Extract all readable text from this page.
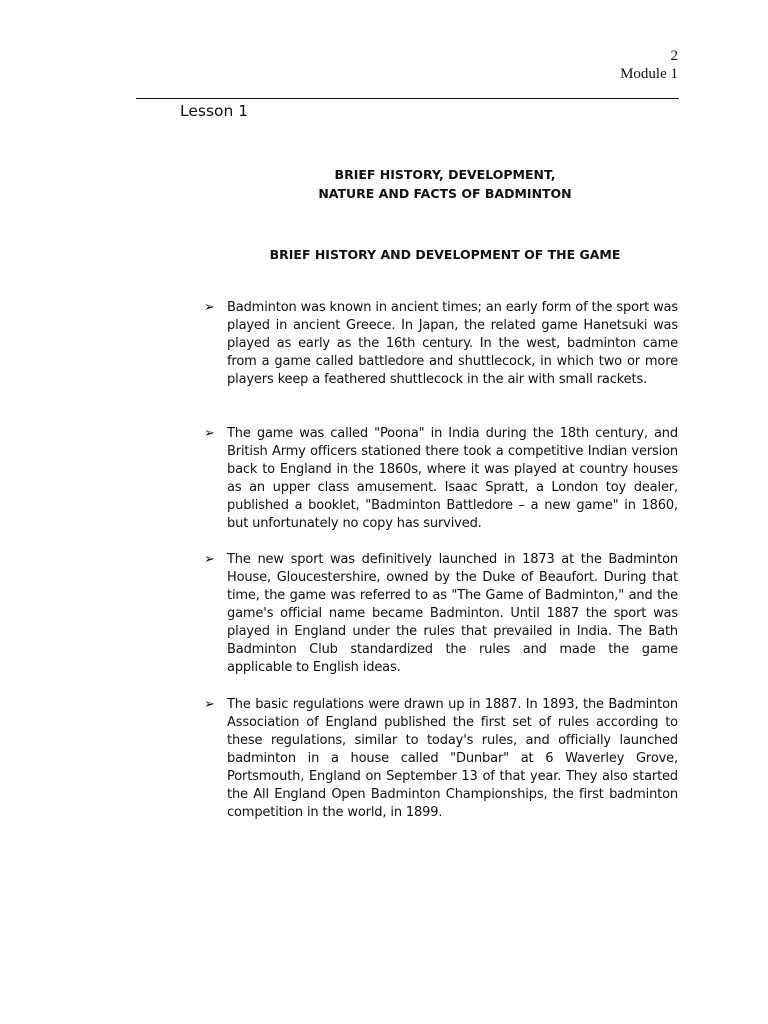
2
Module 1
Lesson 1
BRIEF HISTORY, DEVELOPMENT,
NATURE AND FACTS OF BADMINTON
BRIEF HISTORY AND DEVELOPMENT OF THE GAME
➢ Badminton was known in ancient times; an early form of the sport was played in ancient Greece. In Japan, the related game Hanetsuki was played as early as the 16th century. In the west, badminton came from a game called battledore and shuttlecock, in which two or more players keep a feathered shuttlecock in the air with small rackets.
➢ The game was called "Poona" in India during the 18th century, and British Army officers stationed there took a competitive Indian version back to England in the 1860s, where it was played at country houses as an upper class amusement. Isaac Spratt, a London toy dealer, published a booklet, "Badminton Battledore – a new game" in 1860, but unfortunately no copy has survived.
➢ The new sport was definitively launched in 1873 at the Badminton House, Gloucestershire, owned by the Duke of Beaufort. During that time, the game was referred to as "The Game of Badminton," and the game's official name became Badminton. Until 1887 the sport was played in England under the rules that prevailed in India. The Bath Badminton Club standardized the rules and made the game applicable to English ideas.
➢ The basic regulations were drawn up in 1887. In 1893, the Badminton Association of England published the first set of rules according to these regulations, similar to today's rules, and officially launched badminton in a house called "Dunbar" at 6 Waverley Grove, Portsmouth, England on September 13 of that year. They also started the All England Open Badminton Championships, the first badminton competition in the world, in 1899.
